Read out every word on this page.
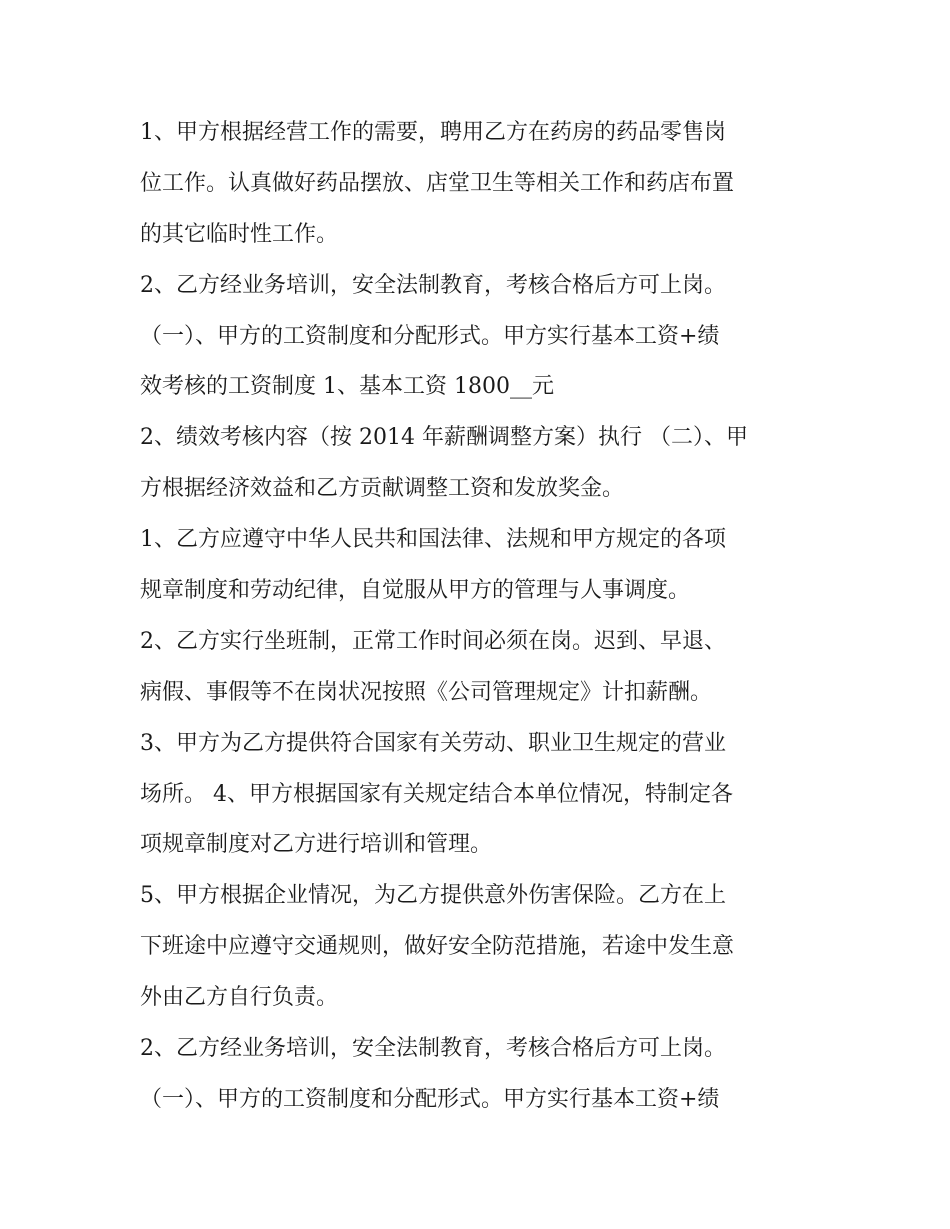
1、甲方根据经营工作的需要，聘用乙方在药房的药品零售岗
位工作。认真做好药品摆放、店堂卫生等相关工作和药店布置
的其它临时性工作。
2、乙方经业务培训，安全法制教育，考核合格后方可上岗。
（一）、甲方的工资制度和分配形式。甲方实行基本工资+绩
效考核的工资制度 1、基本工资 1800__元
2、绩效考核内容（按 2014 年薪酬调整方案）执行 （二）、甲
方根据经济效益和乙方贡献调整工资和发放奖金。
1、乙方应遵守中华人民共和国法律、法规和甲方规定的各项
规章制度和劳动纪律，自觉服从甲方的管理与人事调度。
2、乙方实行坐班制，正常工作时间必须在岗。迟到、早退、
病假、事假等不在岗状况按照《公司管理规定》计扣薪酬。
3、甲方为乙方提供符合国家有关劳动、职业卫生规定的营业
场所。 4、甲方根据国家有关规定结合本单位情况，特制定各
项规章制度对乙方进行培训和管理。
5、甲方根据企业情况，为乙方提供意外伤害保险。乙方在上
下班途中应遵守交通规则，做好安全防范措施，若途中发生意
外由乙方自行负责。
2、乙方经业务培训，安全法制教育，考核合格后方可上岗。
（一）、甲方的工资制度和分配形式。甲方实行基本工资+绩
